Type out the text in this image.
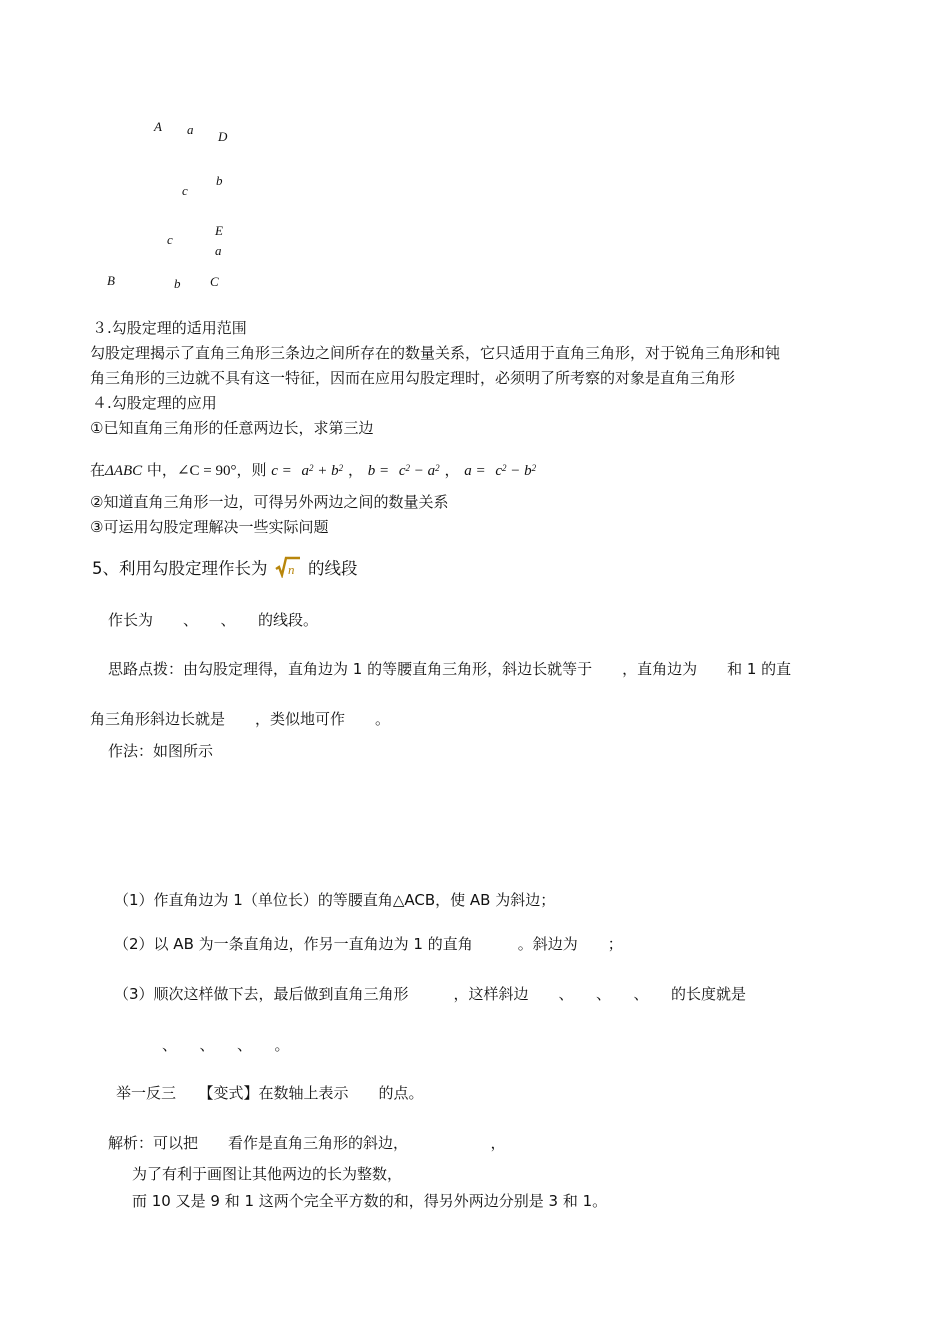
A a D
b
c
c
E
a
B	b C
３.勾股定理的适用范围
勾股定理揭示了直角三角形三条边之间所存在的数量关系，它只适用于直角三角形，对于锐角三角形和钝
角三角形的三边就不具有这一特征，因而在应用勾股定理时，必须明了所考察的对象是直角三角形
４.勾股定理的应用
①已知直角三角形的任意两边长，求第三边
在ΔABC 中，∠C = 90°，则 $c = a^2 + b^2$ ， $b = c^2 - a^2$ ， $a = c^2 - b^2$
②知道直角三角形一边，可得另外两边之间的数量关系
③可运用勾股定理解决一些实际问题
5、利用勾股定理作长为 n 的线段
作长为　　、　　、　　的线段。
思路点拨：由勾股定理得，直角边为 1 的等腰直角三角形，斜边长就等于　　，直角边为　　和 1 的直
角三角形斜边长就是　　，类似地可作　　。
作法：如图所示
（1）作直角边为 1（单位长）的等腰直角△ACB，使 AB 为斜边；
（2）以 AB 为一条直角边，作另一直角边为 1 的直角　　　。斜边为　　；
（3）顺次这样做下去，最后做到直角三角形　　　，这样斜边　　、　　、　　、　　的长度就是
、　　、　　、　　。
举一反三　　【变式】在数轴上表示　　的点。
解析：可以把　　看作是直角三角形的斜边，　　　　　　，
为了有利于画图让其他两边的长为整数，
而 10 又是 9 和 1 这两个完全平方数的和，得另外两边分别是 3 和 1。
